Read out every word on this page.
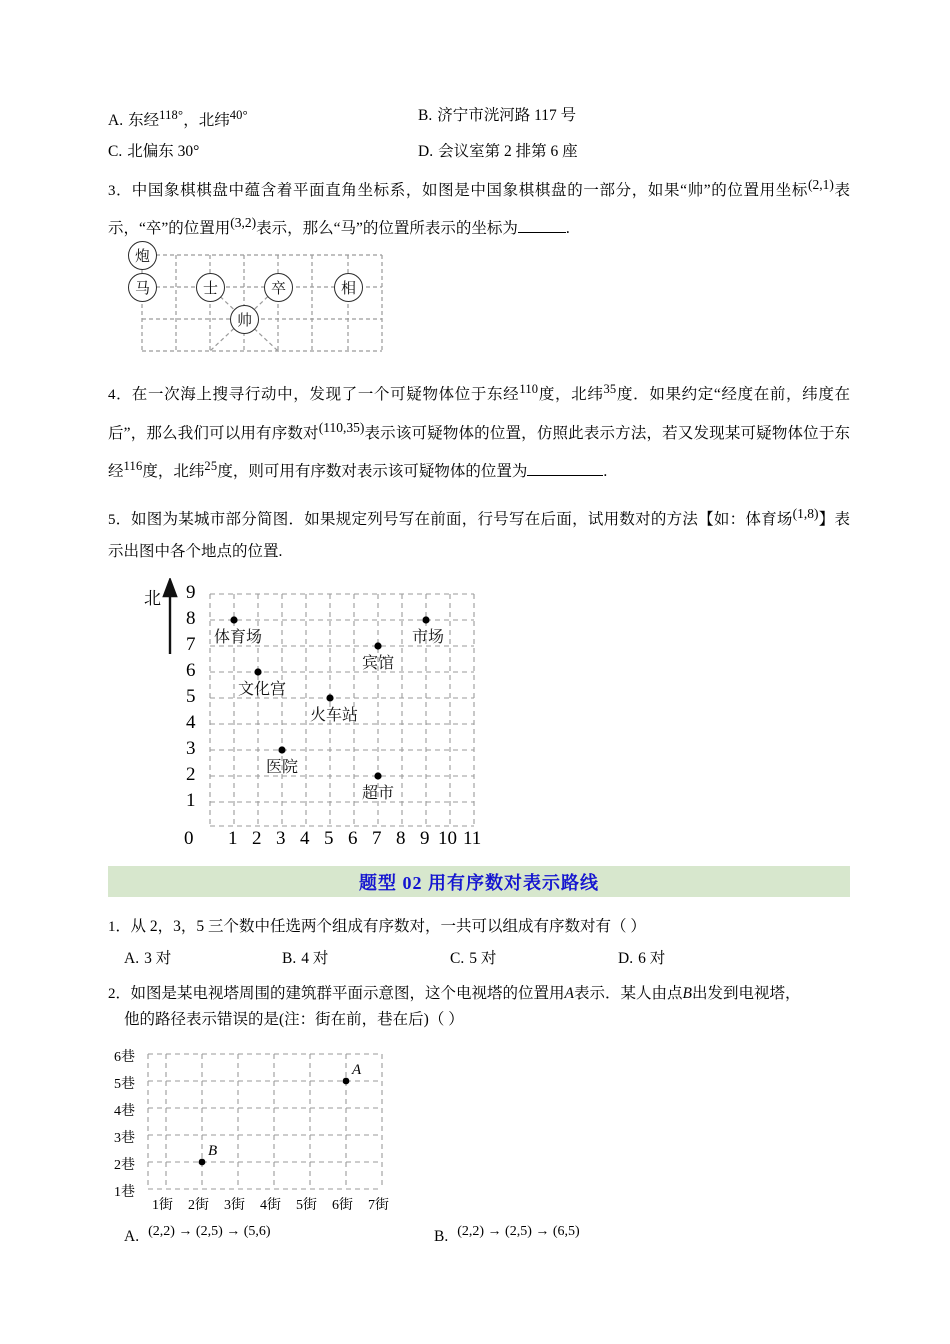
A. 东经$^{118^\circ}$，北纬$^{40^\circ}$	B. 济宁市洸河路 117 号
C. 北偏东 30°	D. 会议室第 2 排第 6 座
3．中国象棋棋盘中蕴含着平面直角坐标系，如图是中国象棋棋盘的一部分，如果“帅”的位置用坐标(2,1)表示，“卒”的位置用(3,2)表示，那么“马”的位置所表示的坐标为	.
炮
马	士	卒
帅
相
4．在一次海上搜寻行动中，发现了一个可疑物体位于东经$^{110}$度，北纬$^{35}$度．如果约定“经度在前，纬度在后”，那么我们可以用有序数对(110,35)表示该可疑物体的位置，仿照此表示方法，若又发现某可疑物体位于东经$^{116}$度，北纬$^{25}$度，则可用有序数对表示该可疑物体的位置为	.
5．如图为某城市部分简图．如果规定列号写在前面，行号写在后面，试用数对的方法【如：体育场(1,8)】表示出图中各个地点的位置.
北 9
8
7
6
5
4
3
2
1
0 1 2 3 4 5 6 7 8 9 10 11
体育场	市场
宾馆
文化宫
火车站
医院
超市
题型 02 用有序数对表示路线
1．从 2，3，5 三个数中任选两个组成有序数对，一共可以组成有序数对有（ ）
A. 3 对	B. 4 对	C. 5 对	D. 6 对
2．如图是某电视塔周围的建筑群平面示意图，这个电视塔的位置用A表示．某人由点B出发到电视塔，
他的路径表示错误的是(注：街在前，巷在后)（ ）
6巷
5巷
4巷
3巷
2巷
1巷
1街 2街 3街 4街 5街 6街 7街
A
B
A. (2,2) → (2,5) → (5,6)	B. (2,2) → (2,5) → (6,5)
